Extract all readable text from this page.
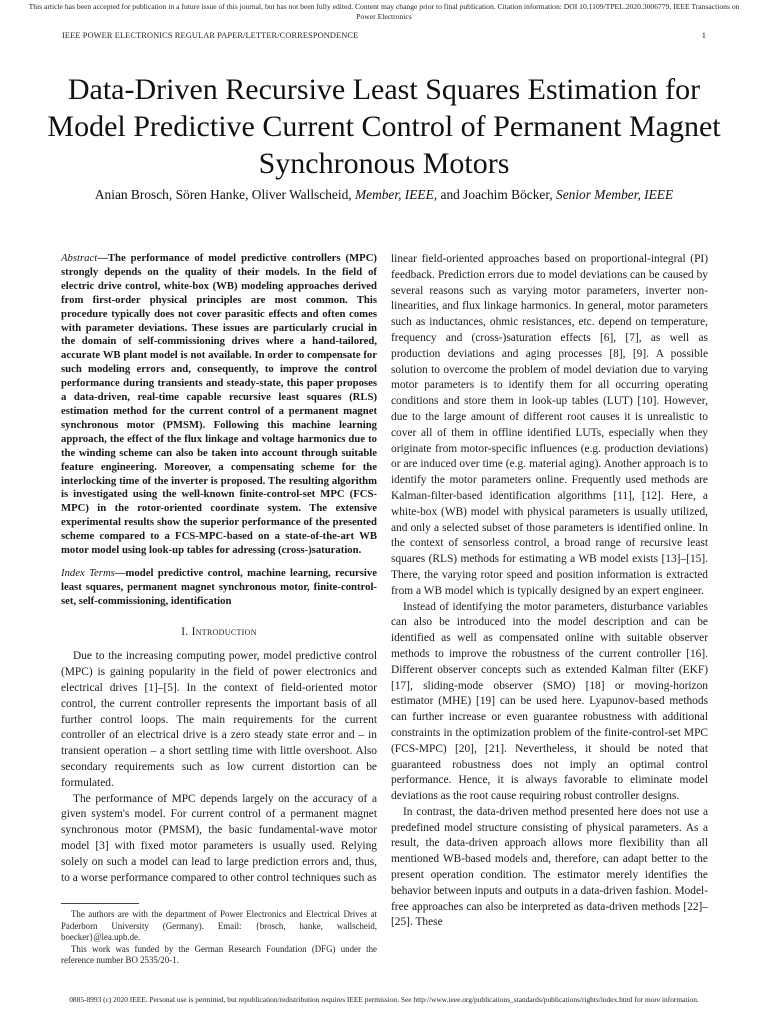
This article has been accepted for publication in a future issue of this journal, but has not been fully edited. Content may change prior to final publication. Citation information: DOI 10.1109/TPEL.2020.3006779, IEEE Transactions on Power Electronics
IEEE POWER ELECTRONICS REGULAR PAPER/LETTER/CORRESPONDENCE	1
Data-Driven Recursive Least Squares Estimation for Model Predictive Current Control of Permanent Magnet Synchronous Motors
Anian Brosch, Sören Hanke, Oliver Wallscheid, Member, IEEE, and Joachim Böcker, Senior Member, IEEE

Abstract—The performance of model predictive controllers (MPC) strongly depends on the quality of their models. In the field of electric drive control, white-box (WB) modeling approaches derived from first-order physical principles are most common. This procedure typically does not cover parasitic effects and often comes with parameter deviations. These issues are particularly crucial in the domain of self-commissioning drives where a hand-tailored, accurate WB plant model is not available. In order to compensate for such modeling errors and, consequently, to improve the control performance during transients and steady-state, this paper proposes a data-driven, real-time capable recursive least squares (RLS) estimation method for the current control of a permanent magnet synchronous motor (PMSM). Following this machine learning approach, the effect of the flux linkage and voltage harmonics due to the winding scheme can also be taken into account through suitable feature engineering. Moreover, a compensating scheme for the interlocking time of the inverter is proposed. The resulting algorithm is investigated using the well-known finite-control-set MPC (FCS-MPC) in the rotor-oriented coordinate system. The extensive experimental results show the superior performance of the presented scheme compared to a FCS-MPC-based on a state-of-the-art WB motor model using look-up tables for adressing (cross-)saturation.

Index Terms—model predictive control, machine learning, recursive least squares, permanent magnet synchronous motor, finite-control-set, self-commissioning, identification

I. Introduction

Due to the increasing computing power, model predictive control (MPC) is gaining popularity in the field of power electronics and electrical drives [1]–[5]. In the context of field-oriented motor control, the current controller represents the important basis of all further control loops. The main requirements for the current controller of an electrical drive is a zero steady state error and – in transient operation – a short settling time with little overshoot. Also secondary requirements such as low current distortion can be formulated.

The performance of MPC depends largely on the accuracy of a given system's model. For current control of a permanent magnet synchronous motor (PMSM), the basic fundamental-wave motor model [3] with fixed motor parameters is usually used. Relying solely on such a model can lead to large prediction errors and, thus, to a worse performance compared to other control techniques such as

The authors are with the department of Power Electronics and Electrical Drives at Paderborn University (Germany). Email: {brosch, hanke, wallscheid, boecker}@lea.upb.de.

This work was funded by the German Research Foundation (DFG) under the reference number BO 2535/20-1.

linear field-oriented approaches based on proportional-integral (PI) feedback. Prediction errors due to model deviations can be caused by several reasons such as varying motor parameters, inverter non-linearities, and flux linkage harmonics. In general, motor parameters such as inductances, ohmic resistances, etc. depend on temperature, frequency and (cross-)saturation effects [6], [7], as well as production deviations and aging processes [8], [9]. A possible solution to overcome the problem of model deviation due to varying motor parameters is to identify them for all occurring operating conditions and store them in look-up tables (LUT) [10]. However, due to the large amount of different root causes it is unrealistic to cover all of them in offline identified LUTs, especially when they originate from motor-specific influences (e.g. production deviations) or are induced over time (e.g. material aging). Another approach is to identify the motor parameters online. Frequently used methods are Kalman-filter-based identification algorithms [11], [12]. Here, a white-box (WB) model with physical parameters is usually utilized, and only a selected subset of those parameters is identified online. In the context of sensorless control, a broad range of recursive least squares (RLS) methods for estimating a WB model exists [13]–[15]. There, the varying rotor speed and position information is extracted from a WB model which is typically designed by an expert engineer.

Instead of identifying the motor parameters, disturbance variables can also be introduced into the model description and can be identified as well as compensated online with suitable observer methods to improve the robustness of the current controller [16]. Different observer concepts such as extended Kalman filter (EKF) [17], sliding-mode observer (SMO) [18] or moving-horizon estimator (MHE) [19] can be used here. Lyapunov-based methods can further increase or even guarantee robustness with additional constraints in the optimization problem of the finite-control-set MPC (FCS-MPC) [20], [21]. Nevertheless, it should be noted that guaranteed robustness does not imply an optimal control performance. Hence, it is always favorable to eliminate model deviations as the root cause requiring robust controller designs.

In contrast, the data-driven method presented here does not use a predefined model structure consisting of physical parameters. As a result, the data-driven approach allows more flexibility than all mentioned WB-based models and, therefore, can adapt better to the present operation condition. The estimator merely identifies the behavior between inputs and outputs in a data-driven fashion. Model-free approaches can also be interpreted as data-driven methods [22]–[25]. These

0885-8993 (c) 2020 IEEE. Personal use is permitted, but republication/redistribution requires IEEE permission. See http://www.ieee.org/publications_standards/publications/rights/index.html for more information.
